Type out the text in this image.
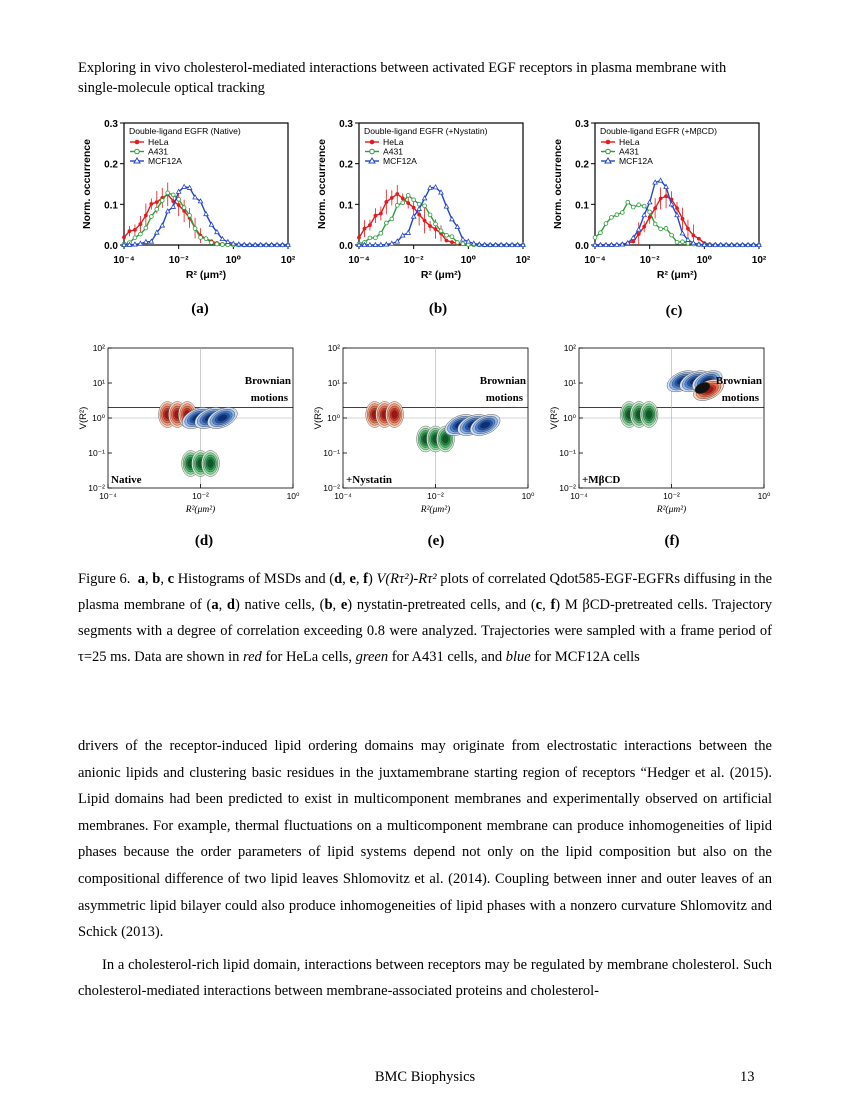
Exploring in vivo cholesterol-mediated interactions between activated EGF receptors in plasma membrane with single-molecule optical tracking
0.0
0.1
0.2
0.3
10⁻⁴	10⁻²	10⁰	10²
R² (μm²)
Norm. occurrence
Double-ligand EGFR (Native)
HeLa
A431
MCF12A
0.0
0.1
0.2
0.3
10⁻⁴	10⁻²	10⁰	10²
R² (μm²)
Norm. occurrence
Double-ligand EGFR (+Nystatin)
HeLa
A431
MCF12A
0.0
0.1
0.2
0.3
10⁻⁴	10⁻²	10⁰	10²
R² (μm²)
Norm. occurrence
Double-ligand EGFR (+MβCD)
HeLa
A431
MCF12A
(a)	(b)	(c)
10⁻²
10⁻¹
10⁰
10¹
10²
10⁻⁴	10⁻²	10⁰
R²(μm²)
V(R²)
Brownian
motions
Native
10⁻²
10⁻¹
10⁰
10¹
10²
10⁻⁴	10⁻²	10⁰
R²(μm²)
V(R²)
Brownian
motions
+Nystatin
10⁻²
10⁻¹
10⁰
10¹
10²
10⁻⁴	10⁻²	10⁰
R²(μm²)
V(R²)
Brownian
motions
+MβCD
(d)	(e)	(f)
Figure 6. a, b, c Histograms of MSDs and (d, e, f) V(Rτ²)-Rτ² plots of correlated Qdot585-EGF-EGFRs diffusing in the plasma membrane of (a, d) native cells, (b, e) nystatin-pretreated cells, and (c, f) M βCD-pretreated cells. Trajectory segments with a degree of correlation exceeding 0.8 were analyzed. Trajectories were sampled with a frame period of τ=25 ms. Data are shown in red for HeLa cells, green for A431 cells, and blue for MCF12A cells

drivers of the receptor-induced lipid ordering domains may originate from electrostatic interactions between the anionic lipids and clustering basic residues in the juxtamembrane starting region of receptors “Hedger et al. (2015). Lipid domains had been predicted to exist in multicomponent membranes and experimentally observed on artificial membranes. For example, thermal fluctuations on a multicomponent membrane can produce inhomogeneities of lipid phases because the order parameters of lipid systems depend not only on the lipid composition but also on the compositional difference of two lipid leaves Shlomovitz et al. (2014). Coupling between inner and outer leaves of an asymmetric lipid bilayer could also produce inhomogeneities of lipid phases with a nonzero curvature Shlomovitz and Schick (2013).

In a cholesterol-rich lipid domain, interactions between receptors may be regulated by membrane cholesterol. Such cholesterol-mediated interactions between membrane-associated proteins and cholesterol-

BMC Biophysics	13
